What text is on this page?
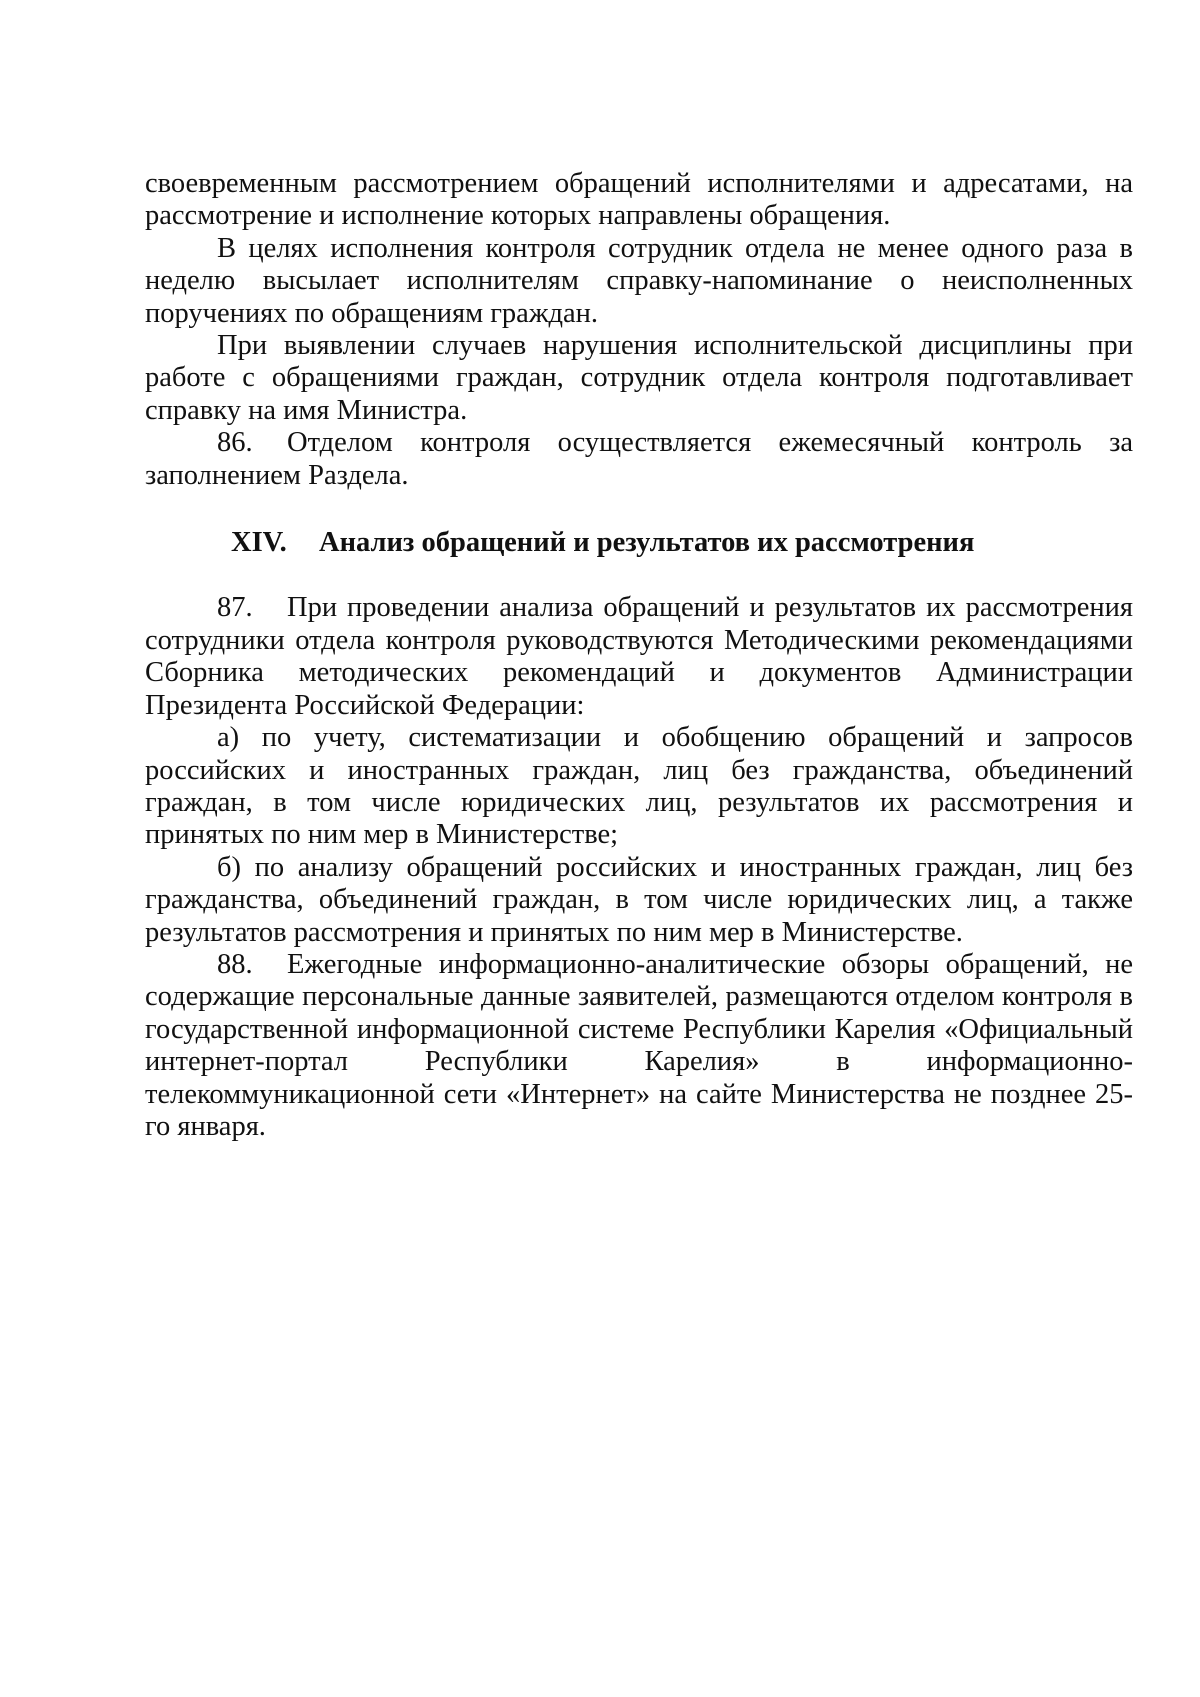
своевременным рассмотрением обращений исполнителями и адресатами, на рассмотрение и исполнение которых направлены обращения.

В целях исполнения контроля сотрудник отдела не менее одного раза в неделю высылает исполнителям справку-напоминание о неисполненных поручениях по обращениям граждан.

При выявлении случаев нарушения исполнительской дисциплины при работе с обращениями граждан, сотрудник отдела контроля подготавливает справку на имя Министра.

86. Отделом контроля осуществляется ежемесячный контроль за заполнением Раздела.

XIV. Анализ обращений и результатов их рассмотрения

87. При проведении анализа обращений и результатов их рассмотрения сотрудники отдела контроля руководствуются Методическими рекомендациями Сборника методических рекомендаций и документов Администрации Президента Российской Федерации:

а) по учету, систематизации и обобщению обращений и запросов российских и иностранных граждан, лиц без гражданства, объединений граждан, в том числе юридических лиц, результатов их рассмотрения и принятых по ним мер в Министерстве;

б) по анализу обращений российских и иностранных граждан, лиц без гражданства, объединений граждан, в том числе юридических лиц, а также результатов рассмотрения и принятых по ним мер в Министерстве.

88. Ежегодные информационно-аналитические обзоры обращений, не содержащие персональные данные заявителей, размещаются отделом контроля в государственной информационной системе Республики Карелия «Официальный интернет-портал Республики Карелия» в информационно-телекоммуникационной сети «Интернет» на сайте Министерства не позднее 25-го января.
